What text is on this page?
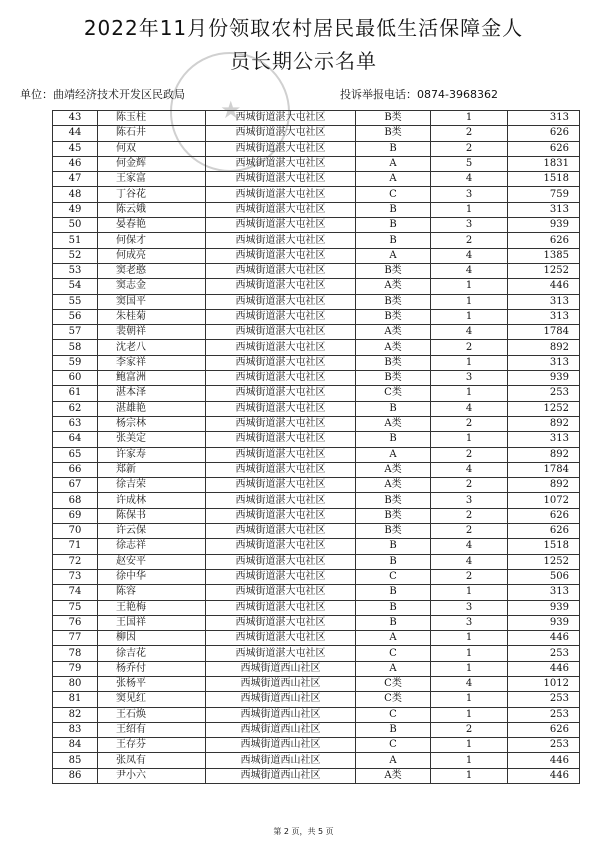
2022年11月份领取农村居民最低生活保障金人
员长期公示名单
单位：曲靖经济技术开发区民政局	投诉举报电话：0874-3968362
★
43	陈玉柱	西城街道湛大屯社区	B类	1	313
44	陈石井	西城街道湛大屯社区	B类	2	626
45	何双	西城街道湛大屯社区	B	2	626
46	何金辉	西城街道湛大屯社区	A	5	1831
47	王家富	西城街道湛大屯社区	A	4	1518
48	丁谷花	西城街道湛大屯社区	C	3	759
49	陈云娥	西城街道湛大屯社区	B	1	313
50	晏春艳	西城街道湛大屯社区	B	3	939
51	何保才	西城街道湛大屯社区	B	2	626
52	何成亮	西城街道湛大屯社区	A	4	1385
53	窦老憨	西城街道湛大屯社区	B类	4	1252
54	窦志金	西城街道湛大屯社区	A类	1	446
55	窦国平	西城街道湛大屯社区	B类	1	313
56	朱桂菊	西城街道湛大屯社区	B类	1	313
57	裴朝祥	西城街道湛大屯社区	A类	4	1784
58	沈老八	西城街道湛大屯社区	A类	2	892
59	李家祥	西城街道湛大屯社区	B类	1	313
60	鲍富洲	西城街道湛大屯社区	B类	3	939
61	湛本泽	西城街道湛大屯社区	C类	1	253
62	湛雄艳	西城街道湛大屯社区	B	4	1252
63	杨宗林	西城街道湛大屯社区	A类	2	892
64	张美定	西城街道湛大屯社区	B	1	313
65	许家寿	西城街道湛大屯社区	A	2	892
66	郑新	西城街道湛大屯社区	A类	4	1784
67	徐吉荣	西城街道湛大屯社区	A类	2	892
68	许成林	西城街道湛大屯社区	B类	3	1072
69	陈保书	西城街道湛大屯社区	B类	2	626
70	许云保	西城街道湛大屯社区	B类	2	626
71	徐志祥	西城街道湛大屯社区	B	4	1518
72	赵安平	西城街道湛大屯社区	B	4	1252
73	徐中华	西城街道湛大屯社区	C	2	506
74	陈容	西城街道湛大屯社区	B	1	313
75	王艳梅	西城街道湛大屯社区	B	3	939
76	王国祥	西城街道湛大屯社区	B	3	939
77	柳因	西城街道湛大屯社区	A	1	446
78	徐吉花	西城街道湛大屯社区	C	1	253
79	杨乔付	西城街道西山社区	A	1	446
80	张杨平	西城街道西山社区	C类	4	1012
81	窦见红	西城街道西山社区	C类	1	253
82	王石焕	西城街道西山社区	C	1	253
83	王绍有	西城街道西山社区	B	2	626
84	王存芬	西城街道西山社区	C	1	253
85	张凤有	西城街道西山社区	A	1	446
86	尹小六	西城街道西山社区	A类	1	446
第 2 页，共 5 页
